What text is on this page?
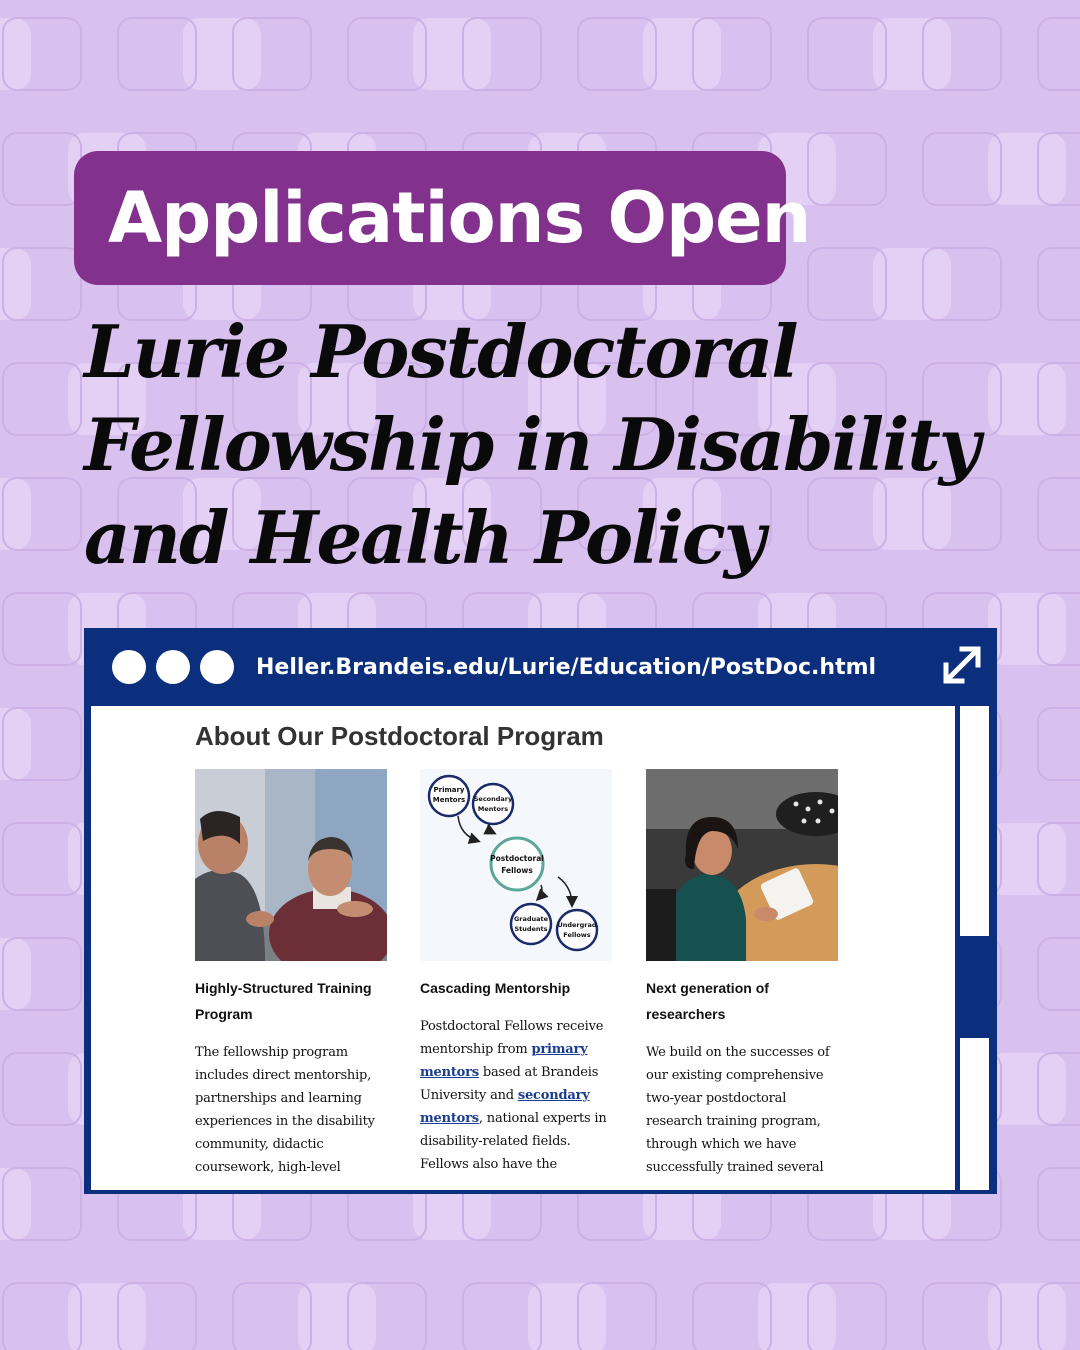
Applications Open
Lurie Postdoctoral
Fellowship in Disability
and Health Policy
Heller.Brandeis.edu/Lurie/Education/PostDoc.html
About Our Postdoctoral Program
Highly-Structured Training Program

The fellowship program includes direct mentorship, partnerships and learning experiences in the disability community, didactic coursework, high-level

Primary
Mentors Secondary
Mentors
Postdoctoral
Fellows
Graduate
Students Undergrad
Fellows
Cascading Mentorship

Postdoctoral Fellows receive mentorship from primary mentors based at Brandeis University and secondary mentors, national experts in disability-related fields. Fellows also have the

Next generation of researchers

We build on the successes of our existing comprehensive two-year postdoctoral research training program, through which we have successfully trained several
